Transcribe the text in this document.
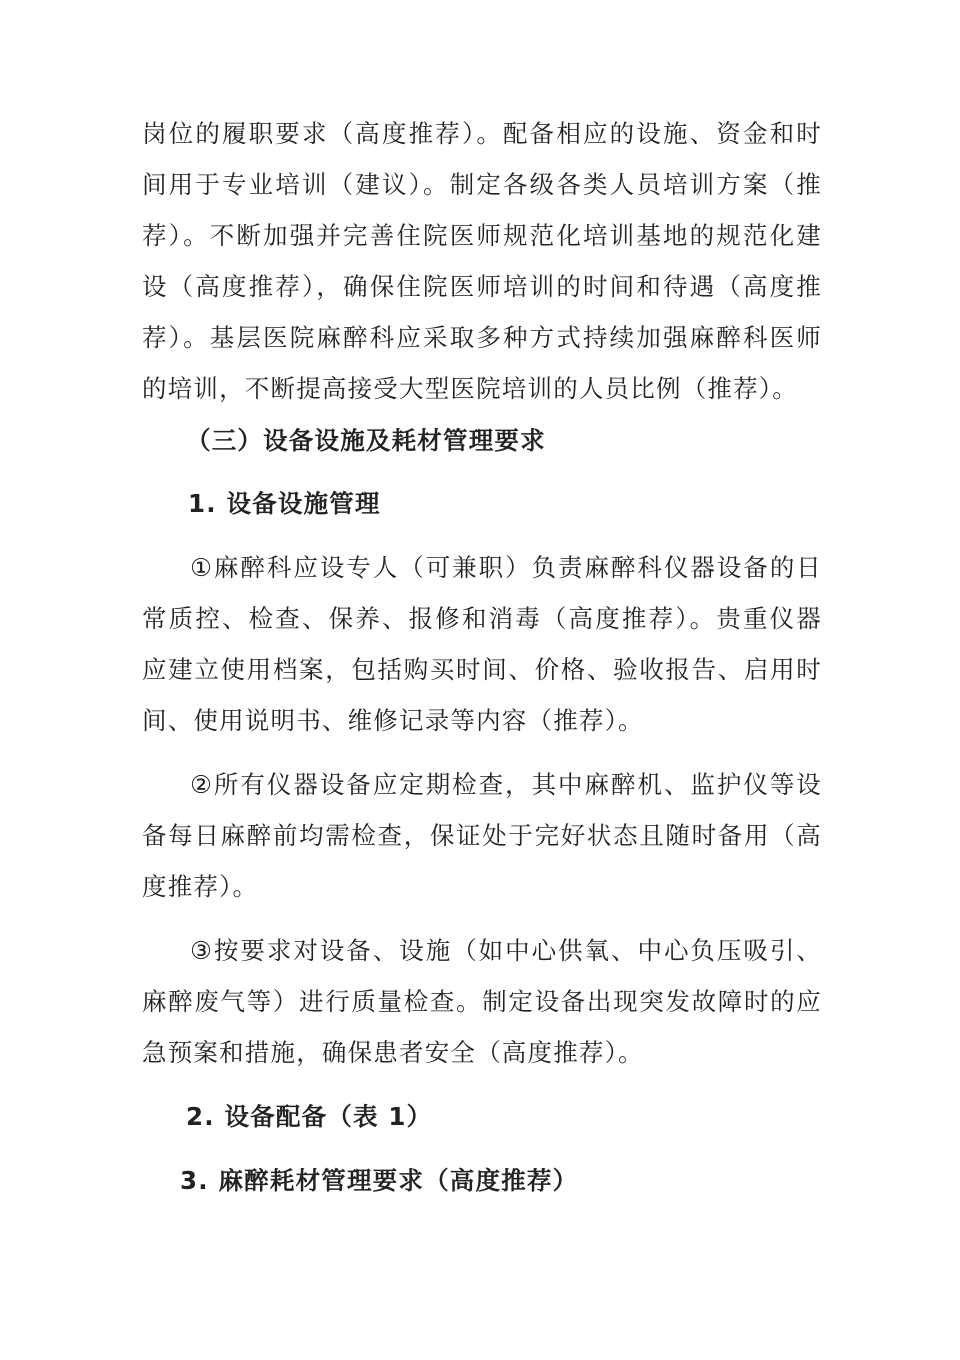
岗位的履职要求（高度推荐）。配备相应的设施、资金和时
间用于专业培训（建议）。制定各级各类人员培训方案（推
荐）。不断加强并完善住院医师规范化培训基地的规范化建
设（高度推荐），确保住院医师培训的时间和待遇（高度推
荐）。基层医院麻醉科应采取多种方式持续加强麻醉科医师
的培训，不断提高接受大型医院培训的人员比例（推荐）。
（三）设备设施及耗材管理要求
1. 设备设施管理
①麻醉科应设专人（可兼职）负责麻醉科仪器设备的日
常质控、检查、保养、报修和消毒（高度推荐）。贵重仪器
应建立使用档案，包括购买时间、价格、验收报告、启用时
间、使用说明书、维修记录等内容（推荐）。
②所有仪器设备应定期检查，其中麻醉机、监护仪等设
备每日麻醉前均需检查，保证处于完好状态且随时备用（高
度推荐）。
③按要求对设备、设施（如中心供氧、中心负压吸引、
麻醉废气等）进行质量检查。制定设备出现突发故障时的应
急预案和措施，确保患者安全（高度推荐）。
2. 设备配备（表 1）
3. 麻醉耗材管理要求（高度推荐）
